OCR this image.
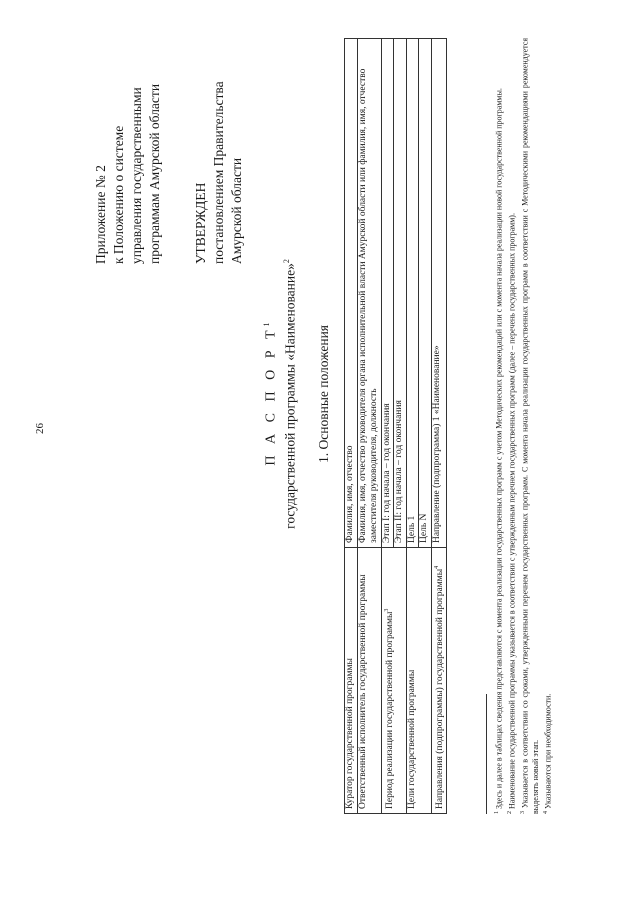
26
Приложение № 2 к Положению о системе управления государственными программам Амурской области УТВЕРЖДЕН постановлением Правительства Амурской области
П А С П О Р $Т^1$ государственной программы «Наименование»$^2$
1. Основные положения
Куратор государственной программы	Фамилия, имя, отчество

Ответственный исполнитель государственной программы	Фамилия, имя, отчество руководителя органа исполнительной власти Амурской области или фамилия, имя, отчество заместителя руководителя, должность

Период реализации государственной программы$^3$	Этап I: год начала – год окончания Этап II: год начала – год окончания

Цели государственной программы	Цель 1 Цель N

Направления (подпрограммы) государственной программы$^4$	Направление (подпрограмма) 1 «Наименование»

$^1$ Здесь и далее в таблицах сведения представляются с момента реализации государственных программ с учетом Методических рекомендаций или с момента начала реализации новой государственной программы.

$^2$ Наименование государственной программы указывается в соответствии с утвержденным перечнем государственных программ (далее – перечень государственных программ).

$^3$ Указывается в соответствии со сроками, утвержденными перечнем государственных программ. С момента начала реализации государственных программ в соответствии с Методическими рекомендациями рекомендуется выделять новый этап. $^4$ Указываются при необходимости.
